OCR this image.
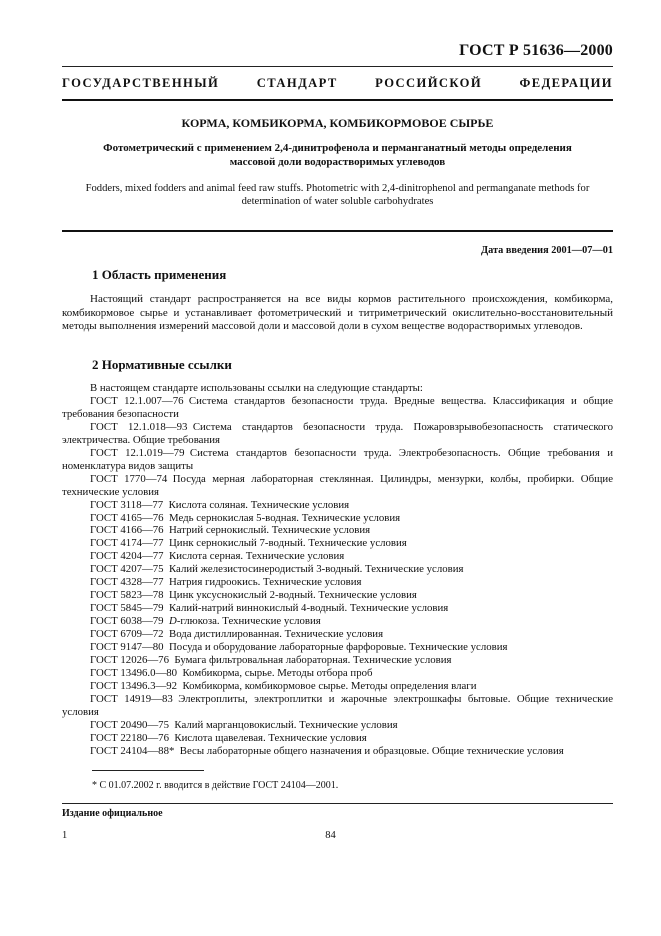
ГОСТ Р 51636—2000
ГОСУДАРСТВЕННЫЙ СТАНДАРТ РОССИЙСКОЙ ФЕДЕРАЦИИ
КОРМА, КОМБИКОРМА, КОМБИКОРМОВОЕ СЫРЬЕ
Фотометрический с применением 2,4-динитрофенола и перманганатный методы определения массовой доли водорастворимых углеводов
Fodders, mixed fodders and animal feed raw stuffs. Photometric with 2,4-dinitrophenol and permanganate methods for determination of water soluble carbohydrates
Дата введения 2001—07—01
1 Область применения
Настоящий стандарт распространяется на все виды кормов растительного происхождения, комбикорма, комбикормовое сырье и устанавливает фотометрический и титриметрический окислительно-восстановительный методы выполнения измерений массовой доли и массовой доли в сухом веществе водорастворимых углеводов.
2 Нормативные ссылки
В настоящем стандарте использованы ссылки на следующие стандарты:
ГОСТ 12.1.007—76  Система стандартов безопасности труда. Вредные вещества. Классификация и общие требования безопасности
ГОСТ 12.1.018—93  Система стандартов безопасности труда. Пожаровзрывобезопасность статического электричества. Общие требования
ГОСТ 12.1.019—79  Система стандартов безопасности труда. Электробезопасность. Общие требования и номенклатура видов защиты
ГОСТ 1770—74  Посуда мерная лабораторная стеклянная. Цилиндры, мензурки, колбы, пробирки. Общие технические условия
ГОСТ 3118—77  Кислота соляная. Технические условия
ГОСТ 4165—76  Медь сернокислая 5-водная. Технические условия
ГОСТ 4166—76  Натрий сернокислый. Технические условия
ГОСТ 4174—77  Цинк сернокислый 7-водный. Технические условия
ГОСТ 4204—77  Кислота серная. Технические условия
ГОСТ 4207—75  Калий железистосинеродистый 3-водный. Технические условия
ГОСТ 4328—77  Натрия гидроокись. Технические условия
ГОСТ 5823—78  Цинк уксуснокислый 2-водный. Технические условия
ГОСТ 5845—79  Калий-натрий виннокислый 4-водный. Технические условия
ГОСТ 6038—79  D-глюкоза. Технические условия
ГОСТ 6709—72  Вода дистиллированная. Технические условия
ГОСТ 9147—80  Посуда и оборудование лабораторные фарфоровые. Технические условия
ГОСТ 12026—76  Бумага фильтровальная лабораторная. Технические условия
ГОСТ 13496.0—80  Комбикорма, сырье. Методы отбора проб
ГОСТ 13496.3—92  Комбикорма, комбикормовое сырье. Методы определения влаги
ГОСТ 14919—83  Электроплиты, электроплитки и жарочные электрошкафы бытовые. Общие технические условия
ГОСТ 20490—75  Калий марганцовокислый. Технические условия
ГОСТ 22180—76  Кислота щавелевая. Технические условия
ГОСТ 24104—88*  Весы лабораторные общего назначения и образцовые. Общие технические условия
* С 01.07.2002 г. вводится в действие ГОСТ 24104—2001.
Издание официальное
1	84
